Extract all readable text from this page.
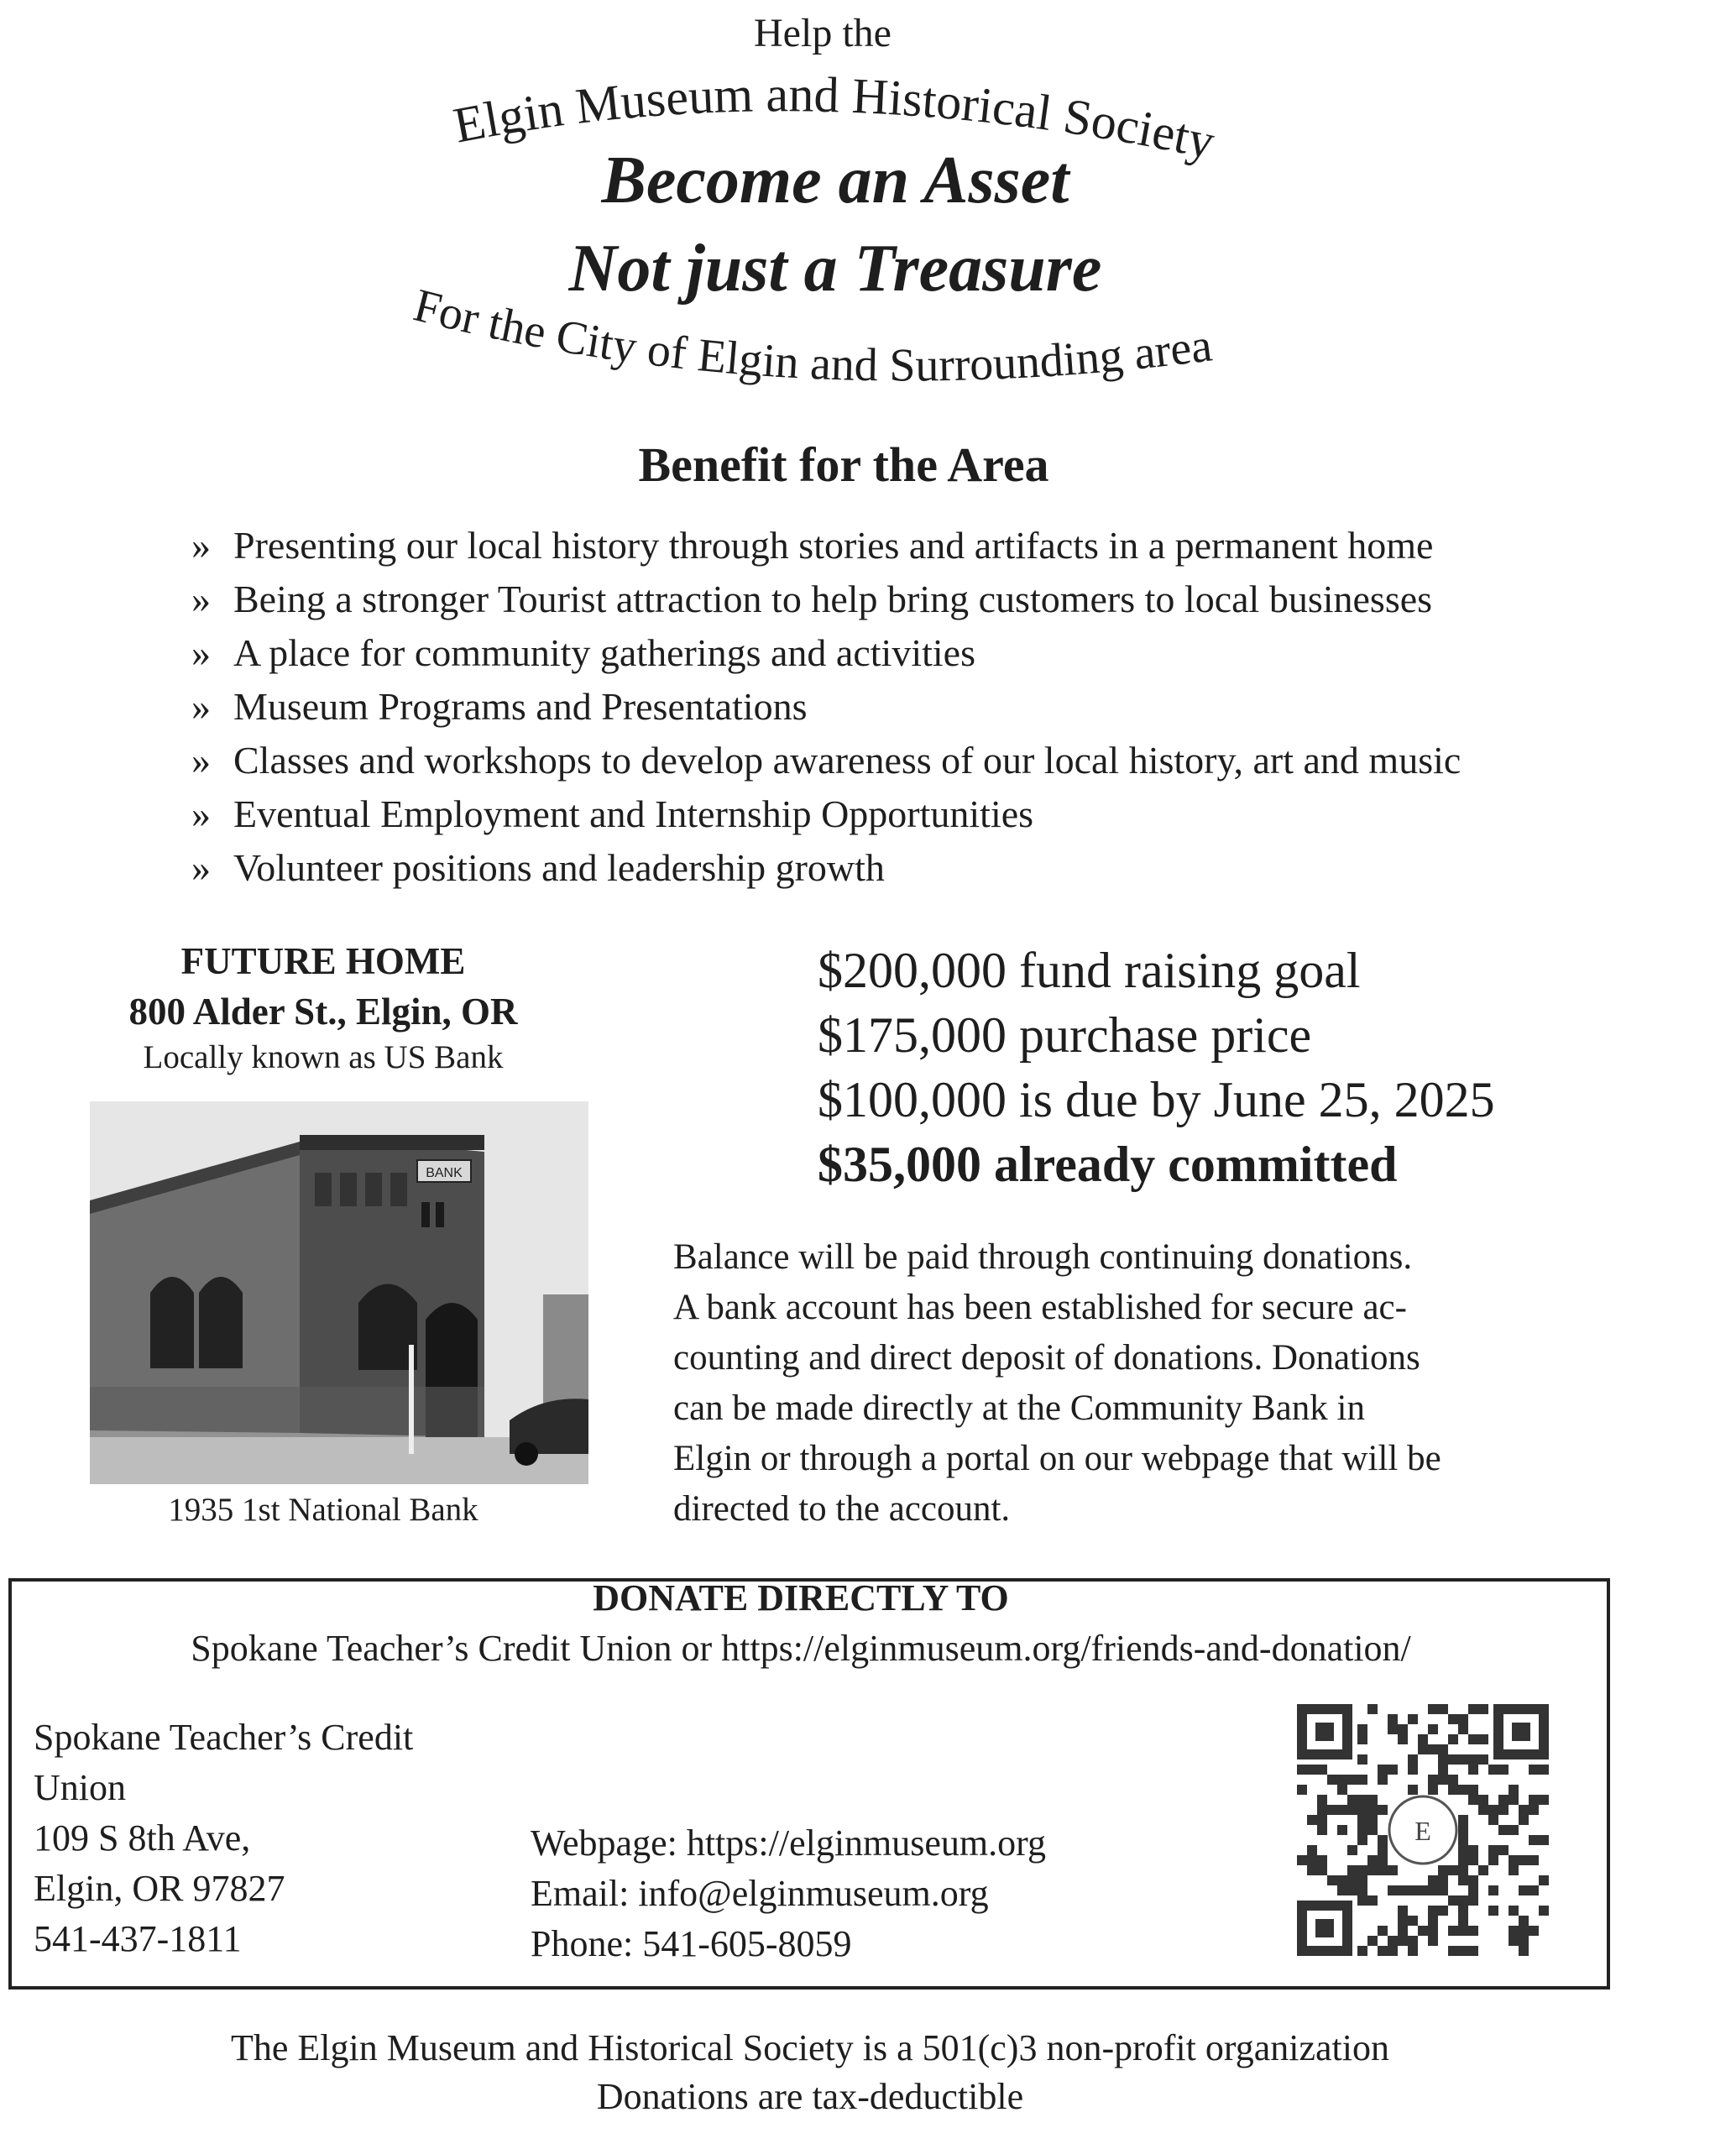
Help the
Elgin Museum and Historical Society
Become an Asset
Not just a Treasure
For the City of Elgin and Surrounding area
Benefit for the Area
» Presenting our local history through stories and artifacts in a permanent home
» Being a stronger Tourist attraction to help bring customers to local businesses
» A place for community gatherings and activities
» Museum Programs and Presentations
» Classes and workshops to develop awareness of our local history, art and music
» Eventual Employment and Internship Opportunities
» Volunteer positions and leadership growth
FUTURE HOME
800 Alder St., Elgin, OR
Locally known as US Bank
BANK
1935 1st National Bank
$200,000 fund raising goal
$175,000 purchase price
$100,000 is due by June 25, 2025
$35,000 already committed
Balance will be paid through continuing donations.
A bank account has been established for secure ac-
counting and direct deposit of donations. Donations
can be made directly at the Community Bank in
Elgin or through a portal on our webpage that will be
directed to the account.
DONATE DIRECTLY TO
Spokane Teacher’s Credit Union or https://elginmuseum.org/friends-and-donation/
Spokane Teacher’s Credit
Union
109 S 8th Ave,
Elgin, OR 97827
541-437-1811
Webpage: https://elginmuseum.org
Email: info@elginmuseum.org
Phone: 541-605-8059
E
The Elgin Museum and Historical Society is a 501(c)3 non-profit organization
Donations are tax-deductible
